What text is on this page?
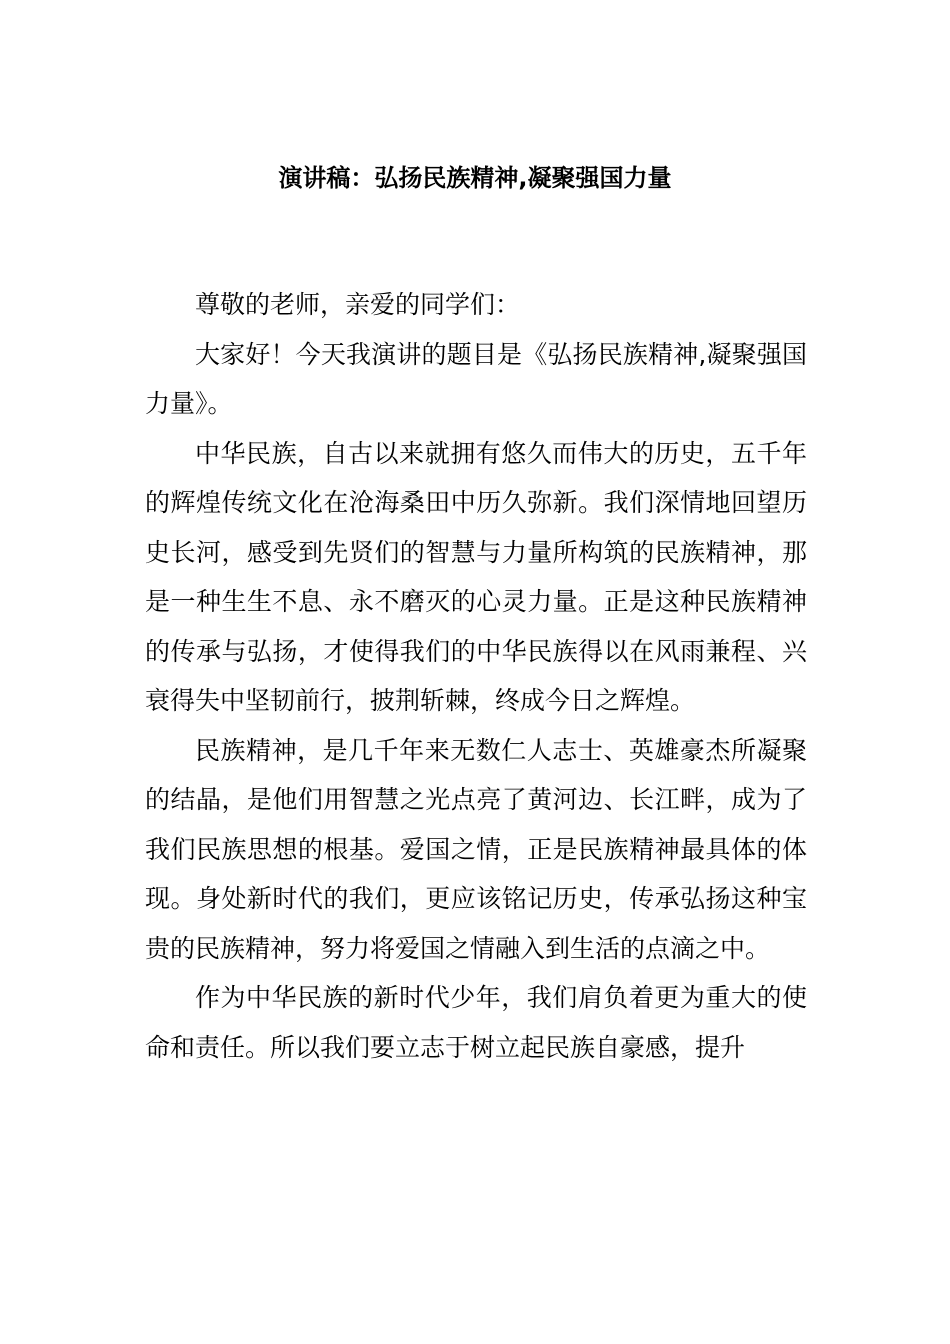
演讲稿：弘扬民族精神,凝聚强国力量

尊敬的老师，亲爱的同学们：

大家好！今天我演讲的题目是《弘扬民族精神,凝聚强国力量》。

中华民族，自古以来就拥有悠久而伟大的历史，五千年的辉煌传统文化在沧海桑田中历久弥新。我们深情地回望历史长河，感受到先贤们的智慧与力量所构筑的民族精神，那是一种生生不息、永不磨灭的心灵力量。正是这种民族精神的传承与弘扬，才使得我们的中华民族得以在风雨兼程、兴衰得失中坚韧前行，披荆斩棘，终成今日之辉煌。

民族精神，是几千年来无数仁人志士、英雄豪杰所凝聚的结晶，是他们用智慧之光点亮了黄河边、长江畔，成为了我们民族思想的根基。爱国之情，正是民族精神最具体的体现。身处新时代的我们，更应该铭记历史，传承弘扬这种宝贵的民族精神，努力将爱国之情融入到生活的点滴之中。

作为中华民族的新时代少年，我们肩负着更为重大的使命和责任。所以我们要立志于树立起民族自豪感，提升
